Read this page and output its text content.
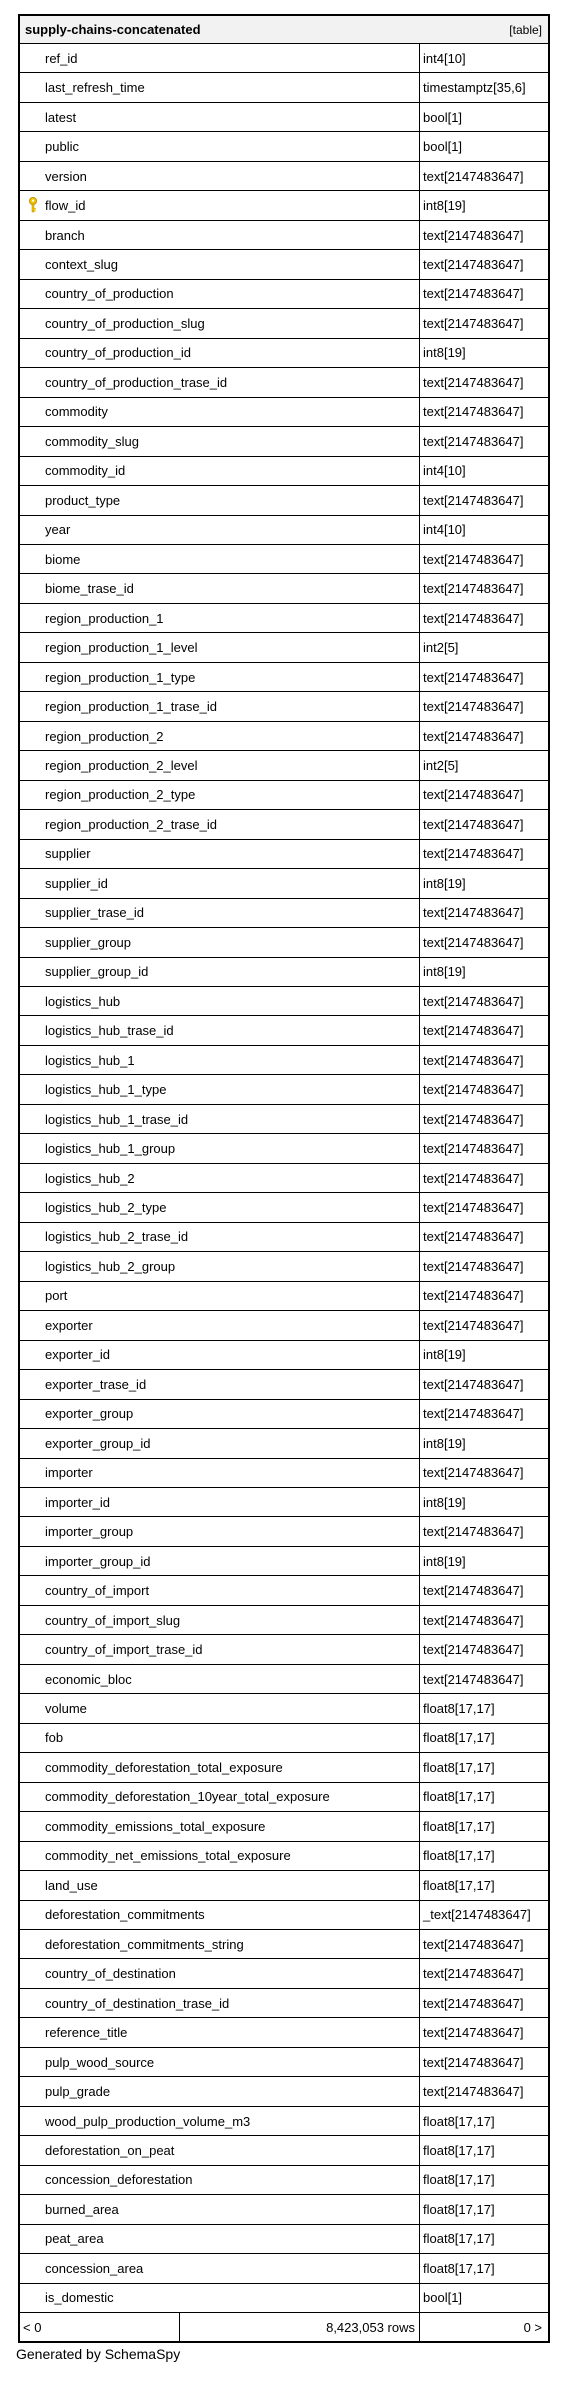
supply-chains-concatenated	[table]
ref_id	int4[10]
last_refresh_time	timestamptz[35,6]
latest	bool[1]
public	bool[1]
version	text[2147483647]
flow_id	int8[19]
branch	text[2147483647]
context_slug	text[2147483647]
country_of_production	text[2147483647]
country_of_production_slug	text[2147483647]
country_of_production_id	int8[19]
country_of_production_trase_id	text[2147483647]
commodity	text[2147483647]
commodity_slug	text[2147483647]
commodity_id	int4[10]
product_type	text[2147483647]
year	int4[10]
biome	text[2147483647]
biome_trase_id	text[2147483647]
region_production_1	text[2147483647]
region_production_1_level	int2[5]
region_production_1_type	text[2147483647]
region_production_1_trase_id	text[2147483647]
region_production_2	text[2147483647]
region_production_2_level	int2[5]
region_production_2_type	text[2147483647]
region_production_2_trase_id	text[2147483647]
supplier	text[2147483647]
supplier_id	int8[19]
supplier_trase_id	text[2147483647]
supplier_group	text[2147483647]
supplier_group_id	int8[19]
logistics_hub	text[2147483647]
logistics_hub_trase_id	text[2147483647]
logistics_hub_1	text[2147483647]
logistics_hub_1_type	text[2147483647]
logistics_hub_1_trase_id	text[2147483647]
logistics_hub_1_group	text[2147483647]
logistics_hub_2	text[2147483647]
logistics_hub_2_type	text[2147483647]
logistics_hub_2_trase_id	text[2147483647]
logistics_hub_2_group	text[2147483647]
port	text[2147483647]
exporter	text[2147483647]
exporter_id	int8[19]
exporter_trase_id	text[2147483647]
exporter_group	text[2147483647]
exporter_group_id	int8[19]
importer	text[2147483647]
importer_id	int8[19]
importer_group	text[2147483647]
importer_group_id	int8[19]
country_of_import	text[2147483647]
country_of_import_slug	text[2147483647]
country_of_import_trase_id	text[2147483647]
economic_bloc	text[2147483647]
volume	float8[17,17]
fob	float8[17,17]
commodity_deforestation_total_exposure	float8[17,17]
commodity_deforestation_10year_total_exposure	float8[17,17]
commodity_emissions_total_exposure	float8[17,17]
commodity_net_emissions_total_exposure	float8[17,17]
land_use	float8[17,17]
deforestation_commitments	_text[2147483647]
deforestation_commitments_string	text[2147483647]
country_of_destination	text[2147483647]
country_of_destination_trase_id	text[2147483647]
reference_title	text[2147483647]
pulp_wood_source	text[2147483647]
pulp_grade	text[2147483647]
wood_pulp_production_volume_m3	float8[17,17]
deforestation_on_peat	float8[17,17]
concession_deforestation	float8[17,17]
burned_area	float8[17,17]
peat_area	float8[17,17]
concession_area	float8[17,17]
is_domestic	bool[1]
< 0	8,423,053 rows	0 >
Generated by SchemaSpy
